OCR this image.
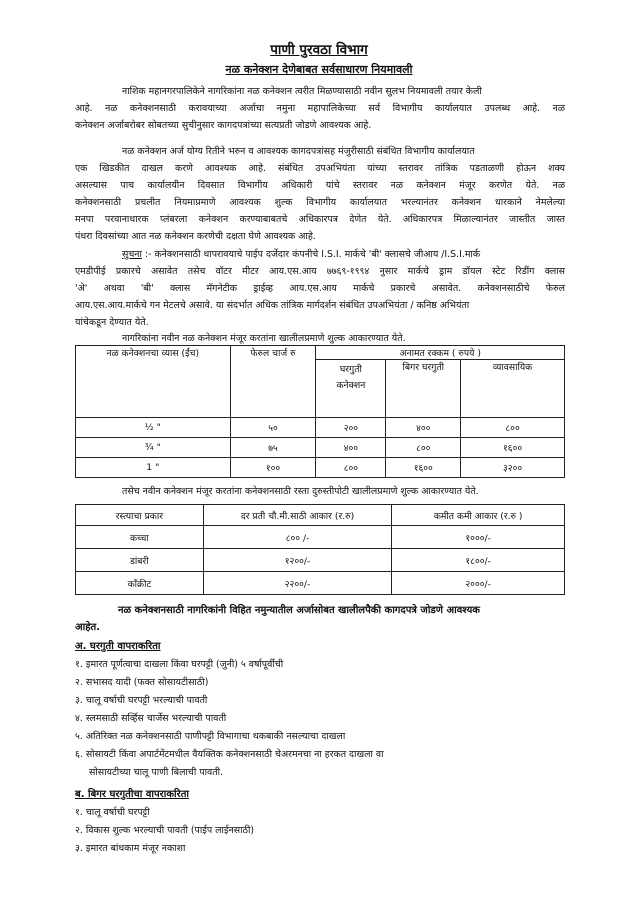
पाणी पुरवठा विभाग
नळ कनेक्शन देणेबाबत सर्वसाधारण नियमावली
नाशिक महानगरपालिकेने नागरिकांना नळ कनेक्शन त्वरीत मिळण्यासाठी नवीन सुलभ नियमावली तयार केली
आहे. नळ कनेक्शनसाठी करावयाच्या अर्जाचा नमुना महापालिकेच्या सर्व विभागीय कार्यालयात उपलब्ध आहे. नळ
कनेक्शन अर्जाबरोबर सोबतच्या सुचीनुसार कागदपत्रांच्या सत्यप्रती जोडणे आवश्यक आहे.
नळ कनेक्शन अर्ज योग्य रितीने भरुन व आवश्यक कागदपत्रांसह मंजुरीसाठी संबंधित विभागीय कार्यालयात
एक खिडकीत दाखल करणे आवश्यक आहे. संबंधित उपअभियंता यांच्या स्तरावर तांत्रिक पडताळणी होऊन शक्य
असल्यास पाच कार्यालयीन दिवसात विभागीय अधिकारी यांचे स्तरावर नळ कनेक्शन मंजूर करणेत येते. नळ
कनेक्शनसाठी प्रचलीत नियमाप्रमाणे आवश्यक शुल्क विभागीय कार्यालयात भरल्यानंतर कनेक्शन धारकाने नेमलेल्या
मनपा परवानाधारक प्लंबरला कनेक्शन करण्याबाबतचे अधिकारपत्र देणेत येते. अधिकारपत्र मिळाल्यानंतर जास्तीत जास्त
पंधरा दिवसांच्या आत नळ कनेक्शन करणेची दक्षता घेणे आवश्यक आहे.
सुचना :- कनेक्शनसाठी धापरावयाचे पाईप दर्जेदार कंपनीचे I.S.I. मार्कचे 'बी' क्लासचे जीआय /I.S.I.मार्क
एमडीपीई प्रकारचे असावेत तसेच वॉटर मीटर आय.एस.आय ७७६९-१९९४ नुसार मार्कचे ड्राम डॉयल स्टेट रिडींग क्लास
'अे' अथवा 'बी' क्लास मॅगनेटीक ड्राईव्ह आय.एस.आय मार्कचे प्रकारचे असावेत. कनेक्शनसाठीचे फेरुल
आय.एस.आय.मार्कचे गन मेटलचे असावे. या संदर्भात अधिक तांत्रिक मार्गदर्शन संबंधित उपअभियंता / कनिष्ठ अभियंता
यांचेकडून देण्यात येते.
नागरिकांना नवीन नळ कनेक्शन मंजूर करतांना खालीलप्रमाणे शुल्क आकारण्यात येते.
नळ कनेक्शनचा व्यास (ईंच)	फेरुल चार्ज रु	अनामत रक्कम ( रुपये )		
		घरगुती कनेक्शन	बिगर घरगुती	व्यावसायिक
½ "	५०	२००	४००	८००
¾ "	७५	४००	८००	१६००
1 "	१००	८००	१६००	३२००
तसेच नवीन कनेक्शन मंजूर करतांना कनेक्शनसाठी रस्ता दुरुस्तीपोटी खालीलप्रमाणे शुल्क आकारण्यात येते.
रस्त्याचा प्रकार	दर प्रती चौ.मी.साठी आकार (र.रु)	कमीत कमी आकार (र.रु )
कच्चा	८०० /-	१०००/-
डांबरी	१२००/-	१८००/-
कॉंक्रीट	२२००/-	२०००/-
नळ कनेक्शनसाठी नागरिकांनी विहित नमुन्यातील अर्जासोबत खालीलपैकी कागदपत्रे जोडणे आवश्यक
आहेत.
अ. घरगुती वापराकरिता
१. इमारत पूर्णत्वाचा दाखला किंवा घरपट्टी (जुनी) ५ वर्षापूर्वीची
२. सभासद यादी (फक्त सोसायटीसाठी)
३. चालू वर्षाची घरपट्टी भरल्याची पावती
४. स्लमसाठी सर्व्हिस चार्जेस भरल्याची पावती
५. अतिरिक्त नळ कनेक्शनसाठी पाणीपट्टी विभागाचा थकबाकी नसल्याचा दाखला
६. सोसायटी किंवा अपार्टमेंटमधील वैयक्तिक कनेक्शनसाठी चेअरमनचा ना हरकत दाखला वा
सोसायटीच्या चालू पाणी बिलाची पावती.
ब. बिगर घरगुतीचा वापराकरिता
१. चालू वर्षाची घरपट्टी
२. विकास शुल्क भरल्याची पावती (पाईप लाईनसाठी)
३. इमारत बांधकाम मंजूर नकाशा
